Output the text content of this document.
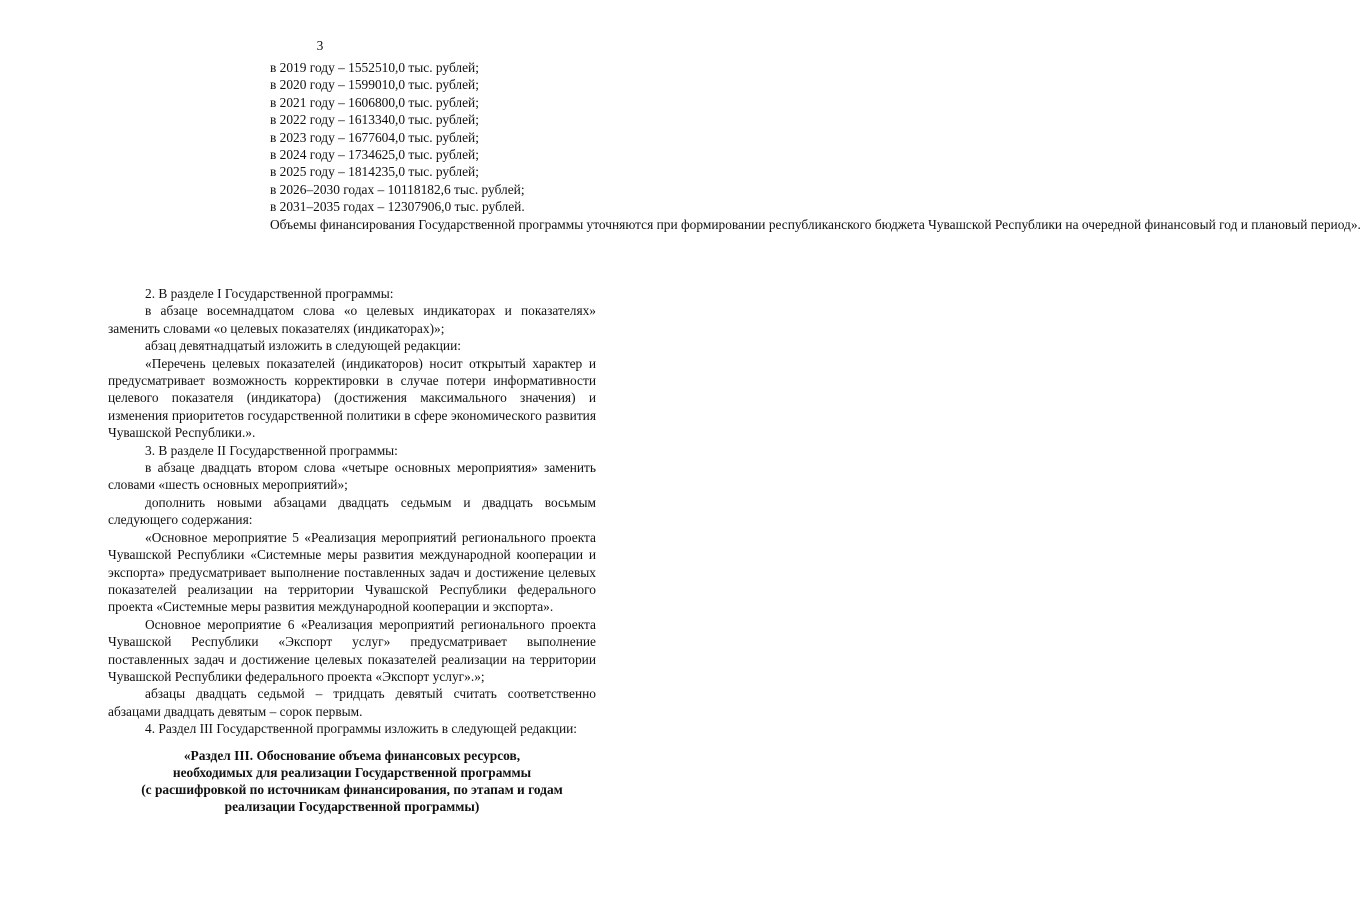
3
в 2019 году – 1552510,0 тыс. рублей;
в 2020 году – 1599010,0 тыс. рублей;
в 2021 году – 1606800,0 тыс. рублей;
в 2022 году – 1613340,0 тыс. рублей;
в 2023 году – 1677604,0 тыс. рублей;
в 2024 году – 1734625,0 тыс. рублей;
в 2025 году – 1814235,0 тыс. рублей;
в 2026–2030 годах – 10118182,6 тыс. рублей;
в 2031–2035 годах – 12307906,0 тыс. рублей.
Объемы финансирования Государственной программы уточняются при формировании республиканского бюджета Чувашской Республики на очередной финансовый год и плановый период».

2. В разделе I Государственной программы:

в абзаце восемнадцатом слова «о целевых индикаторах и показателях» заменить словами «о целевых показателях (индикаторах)»;

абзац девятнадцатый изложить в следующей редакции:

«Перечень целевых показателей (индикаторов) носит открытый характер и предусматривает возможность корректировки в случае потери информативности целевого показателя (индикатора) (достижения максимального значения) и изменения приоритетов государственной политики в сфере экономического развития Чувашской Республики.».

3. В разделе II Государственной программы:

в абзаце двадцать втором слова «четыре основных мероприятия» заменить словами «шесть основных мероприятий»;

дополнить новыми абзацами двадцать седьмым и двадцать восьмым следующего содержания:

«Основное мероприятие 5 «Реализация мероприятий регионального проекта Чувашской Республики «Системные меры развития международной кооперации и экспорта» предусматривает выполнение поставленных задач и достижение целевых показателей реализации на территории Чувашской Республики федерального проекта «Системные меры развития международной кооперации и экспорта».

Основное мероприятие 6 «Реализация мероприятий регионального проекта Чувашской Республики «Экспорт услуг» предусматривает выполнение поставленных задач и достижение целевых показателей реализации на территории Чувашской Республики федерального проекта «Экспорт услуг».»;

абзацы двадцать седьмой – тридцать девятый считать соответственно абзацами двадцать девятым – сорок первым.

4. Раздел III Государственной программы изложить в следующей редакции:

«Раздел III. Обоснование объема финансовых ресурсов,
необходимых для реализации Государственной программы
(с расшифровкой по источникам финансирования, по этапам и годам
реализации Государственной программы)
